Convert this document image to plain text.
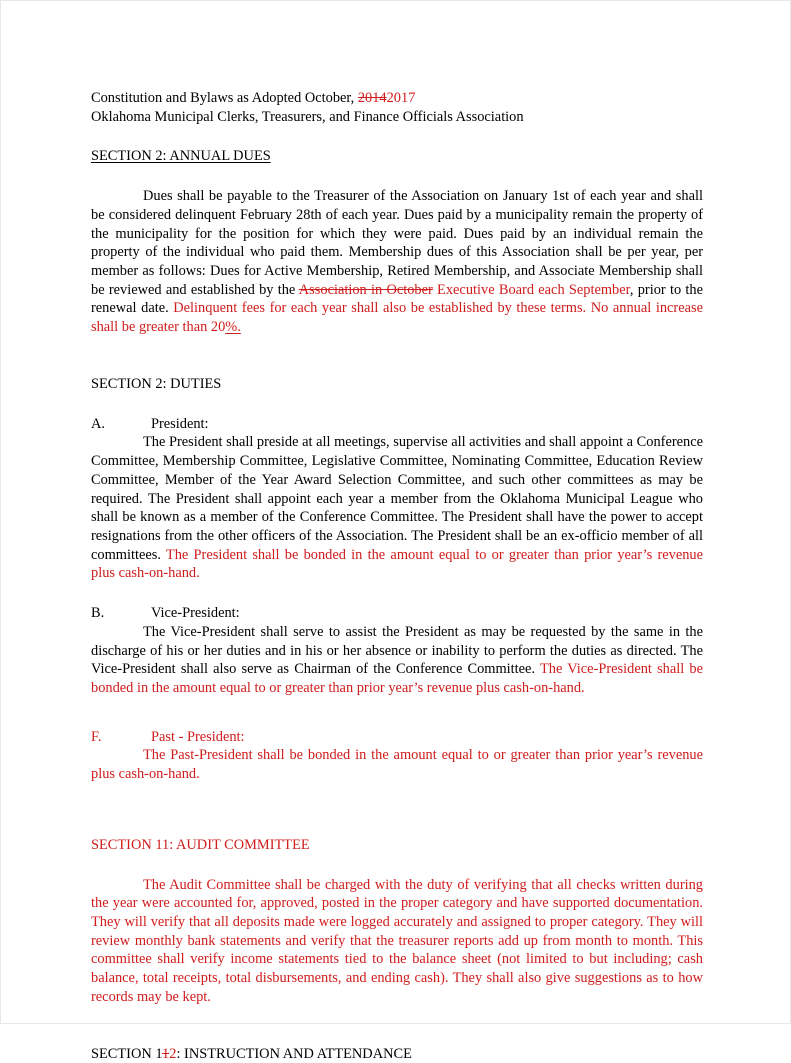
Constitution and Bylaws as Adopted October, 20142017
Oklahoma Municipal Clerks, Treasurers, and Finance Officials Association
SECTION 2: ANNUAL DUES

Dues shall be payable to the Treasurer of the Association on January 1st of each year and shall be considered delinquent February 28th of each year. Dues paid by a municipality remain the property of the municipality for the position for which they were paid. Dues paid by an individual remain the property of the individual who paid them. Membership dues of this Association shall be per year, per member as follows: Dues for Active Membership, Retired Membership, and Associate Membership shall be reviewed and established by the Association in October Executive Board each September, prior to the renewal date. Delinquent fees for each year shall also be established by these terms. No annual increase shall be greater than 20%.

SECTION 2: DUTIES
A.	President:

The President shall preside at all meetings, supervise all activities and shall appoint a Conference Committee, Membership Committee, Legislative Committee, Nominating Committee, Education Review Committee, Member of the Year Award Selection Committee, and such other committees as may be required. The President shall appoint each year a member from the Oklahoma Municipal League who shall be known as a member of the Conference Committee. The President shall have the power to accept resignations from the other officers of the Association. The President shall be an ex-officio member of all committees. The President shall be bonded in the amount equal to or greater than prior year’s revenue plus cash-on-hand.

B.	Vice-President:

The Vice-President shall serve to assist the President as may be requested by the same in the discharge of his or her duties and in his or her absence or inability to perform the duties as directed. The Vice-President shall also serve as Chairman of the Conference Committee. The Vice-President shall be bonded in the amount equal to or greater than prior year’s revenue plus cash-on-hand.

F.	Past - President:

The Past-President shall be bonded in the amount equal to or greater than prior year’s revenue plus cash-on-hand.

SECTION 11: AUDIT COMMITTEE

The Audit Committee shall be charged with the duty of verifying that all checks written during the year were accounted for, approved, posted in the proper category and have supported documentation. They will verify that all deposits made were logged accurately and assigned to proper category. They will review monthly bank statements and verify that the treasurer reports add up from month to month. This committee shall verify income statements tied to the balance sheet (not limited to but including; cash balance, total receipts, total disbursements, and ending cash). They shall also give suggestions as to how records may be kept.

SECTION 112: INSTRUCTION AND ATTENDANCE
